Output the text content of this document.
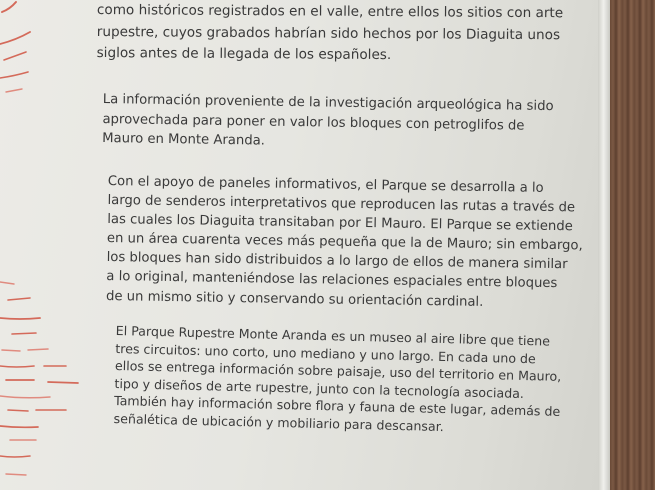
como históricos registrados en el valle, entre ellos los sitios con arte
rupestre, cuyos grabados habrían sido hechos por los Diaguita unos
siglos antes de la llegada de los españoles.

La información proveniente de la investigación arqueológica ha sido
aprovechada para poner en valor los bloques con petroglifos de
Mauro en Monte Aranda.

Con el apoyo de paneles informativos, el Parque se desarrolla a lo
largo de senderos interpretativos que reproducen las rutas a través de
las cuales los Diaguita transitaban por El Mauro. El Parque se extiende
en un área cuarenta veces más pequeña que la de Mauro; sin embargo,
los bloques han sido distribuidos a lo largo de ellos de manera similar
a lo original, manteniéndose las relaciones espaciales entre bloques
de un mismo sitio y conservando su orientación cardinal.

El Parque Rupestre Monte Aranda es un museo al aire libre que tiene
tres circuitos: uno corto, uno mediano y uno largo. En cada uno de
ellos se entrega información sobre paisaje, uso del territorio en Mauro,
tipo y diseños de arte rupestre, junto con la tecnología asociada.
También hay información sobre flora y fauna de este lugar, además de
señalética de ubicación y mobiliario para descansar.
